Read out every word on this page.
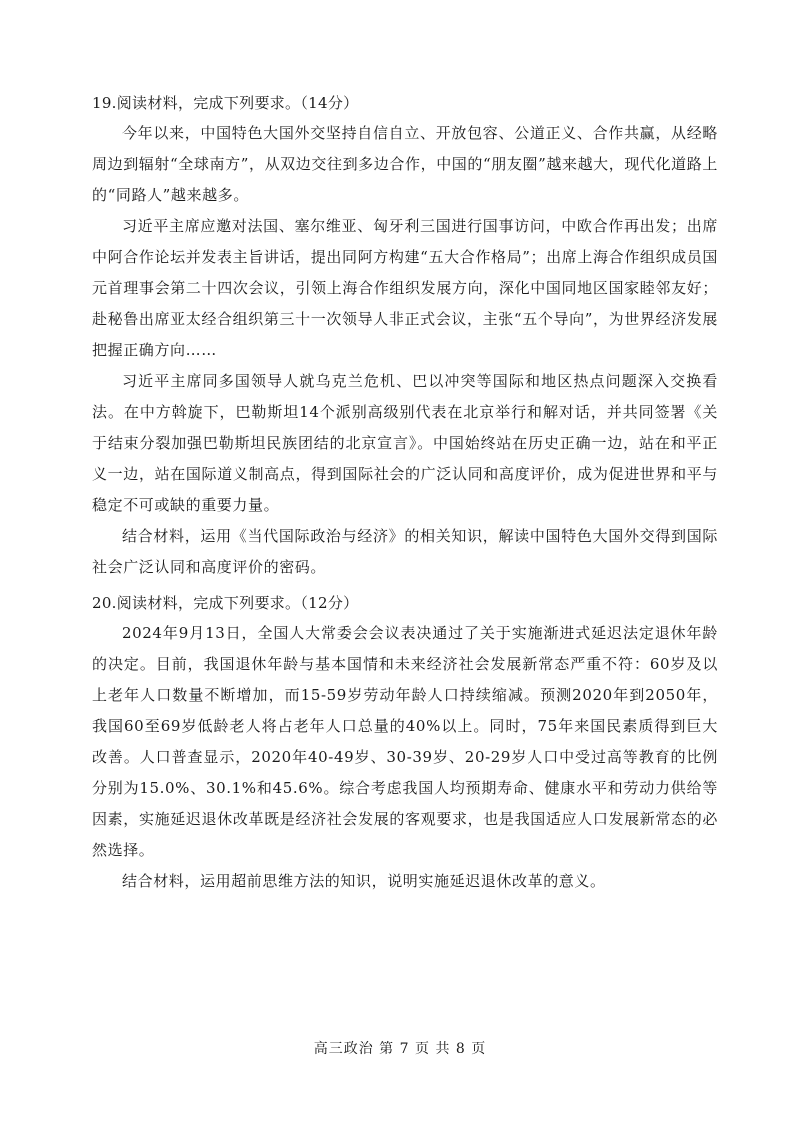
19.阅读材料，完成下列要求。（14分）

今年以来，中国特色大国外交坚持自信自立、开放包容、公道正义、合作共赢，从经略周边到辐射“全球南方”，从双边交往到多边合作，中国的“朋友圈”越来越大，现代化道路上的“同路人”越来越多。

习近平主席应邀对法国、塞尔维亚、匈牙利三国进行国事访问，中欧合作再出发；出席中阿合作论坛并发表主旨讲话，提出同阿方构建“五大合作格局”；出席上海合作组织成员国元首理事会第二十四次会议，引领上海合作组织发展方向，深化中国同地区国家睦邻友好；赴秘鲁出席亚太经合组织第三十一次领导人非正式会议，主张“五个导向”，为世界经济发展把握正确方向……

习近平主席同多国领导人就乌克兰危机、巴以冲突等国际和地区热点问题深入交换看法。在中方斡旋下，巴勒斯坦14个派别高级别代表在北京举行和解对话，并共同签署《关于结束分裂加强巴勒斯坦民族团结的北京宣言》。中国始终站在历史正确一边，站在和平正义一边，站在国际道义制高点，得到国际社会的广泛认同和高度评价，成为促进世界和平与稳定不可或缺的重要力量。

结合材料，运用《当代国际政治与经济》的相关知识，解读中国特色大国外交得到国际社会广泛认同和高度评价的密码。

20.阅读材料，完成下列要求。（12分）

2024年9月13日，全国人大常委会会议表决通过了关于实施渐进式延迟法定退休年龄的决定。目前，我国退休年龄与基本国情和未来经济社会发展新常态严重不符：60岁及以上老年人口数量不断增加，而15-59岁劳动年龄人口持续缩减。预测2020年到2050年，我国60至69岁低龄老人将占老年人口总量的40%以上。同时，75年来国民素质得到巨大改善。人口普查显示，2020年40-49岁、30-39岁、20-29岁人口中受过高等教育的比例分别为15.0%、30.1%和45.6%。综合考虑我国人均预期寿命、健康水平和劳动力供给等因素，实施延迟退休改革既是经济社会发展的客观要求，也是我国适应人口发展新常态的必然选择。

结合材料，运用超前思维方法的知识，说明实施延迟退休改革的意义。

高三政治 第 7 页 共 8 页
